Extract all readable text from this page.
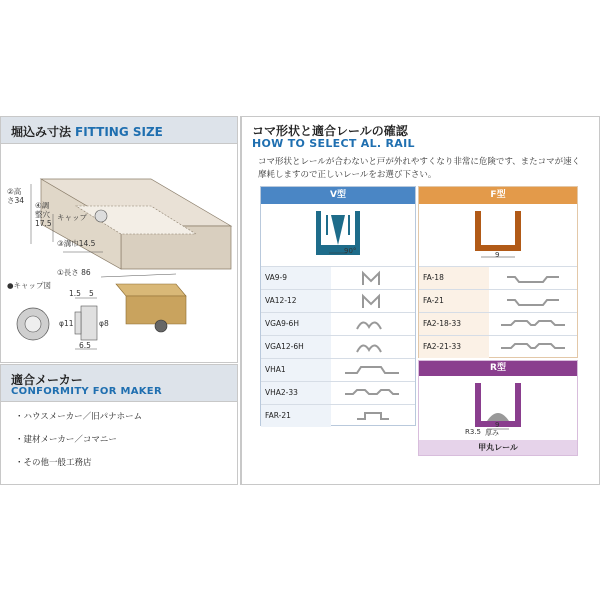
堀込み寸法 FITTING SIZE
②高さ34
④調整穴17.5
キャップ
③溝巾14.5
①長さ 86
●キャップ図
1.5 5
6.5
φ11	φ8
適合メーカー
CONFORMITY FOR MAKER
・ハウスメーカー／旧パナホーム
・建材メーカー／コマニー
・その他一般工務店
コマ形状と適合レールの確認
HOW TO SELECT AL. RAIL
コマ形状とレールが合わないと戸が外れやすくなり非常に危険です、またコマが速く摩耗しますので正しいレールをお選び下さい。
V型
90°
VA9-9
VA12-12
VGA9-6H
VGA12-6H
VHA1
VHA2-33
FAR-21
F型
9
FA-18
FA-21
FA2-18-33
FA2-21-33
R型
9
R3.5 厚み
甲丸レール
